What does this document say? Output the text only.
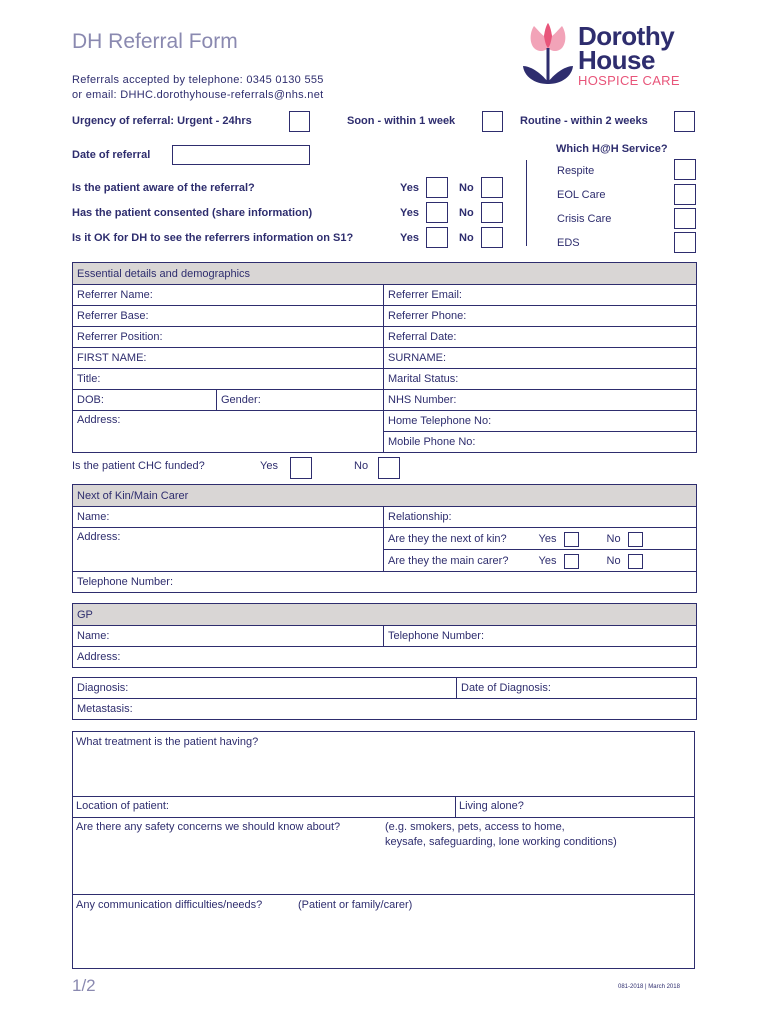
DH Referral Form
Referrals accepted by telephone: 0345 0130 555
or email: DHHC.dorothyhouse-referrals@nhs.net
Dorothy
House
HOSPICE CARE
Urgency of referral: Urgent - 24hrs	Soon - within 1 week	Routine - within 2 weeks
Date of referral
Is the patient aware of the referral?	Yes	No
Has the patient consented (share information)	Yes	No
Is it OK for DH to see the referrers information on S1?	Yes	No
Which H@H Service?
Respite
EOL Care
Crisis Care
EDS
Essential details and demographics		
Referrer Name:		Referrer Email:
Referrer Base:		Referrer Phone:
Referrer Position:		Referral Date:
FIRST NAME:		SURNAME:
Title:		Marital Status:
DOB:	Gender:	NHS Number:
Address:		Home Telephone No:
		Mobile Phone No:
Is the patient CHC funded?	Yes	No
Next of Kin/Main Carer	
Name:	Relationship:
Address:	Are they the next of kin? Yes No

	Are they the main carer? Yes No

Telephone Number:	
GP
Name:	Telephone Number:
Address:
Diagnosis:	Date of Diagnosis:
Metastasis:
What treatment is the patient having?
Location of patient:	Living alone?
Are there any safety concerns we should know about?	(e.g. smokers, pets, access to home,
keysafe, safeguarding, lone working conditions)
Any communication difficulties/needs?	(Patient or family/carer)
1/2	081-2018 | March 2018
